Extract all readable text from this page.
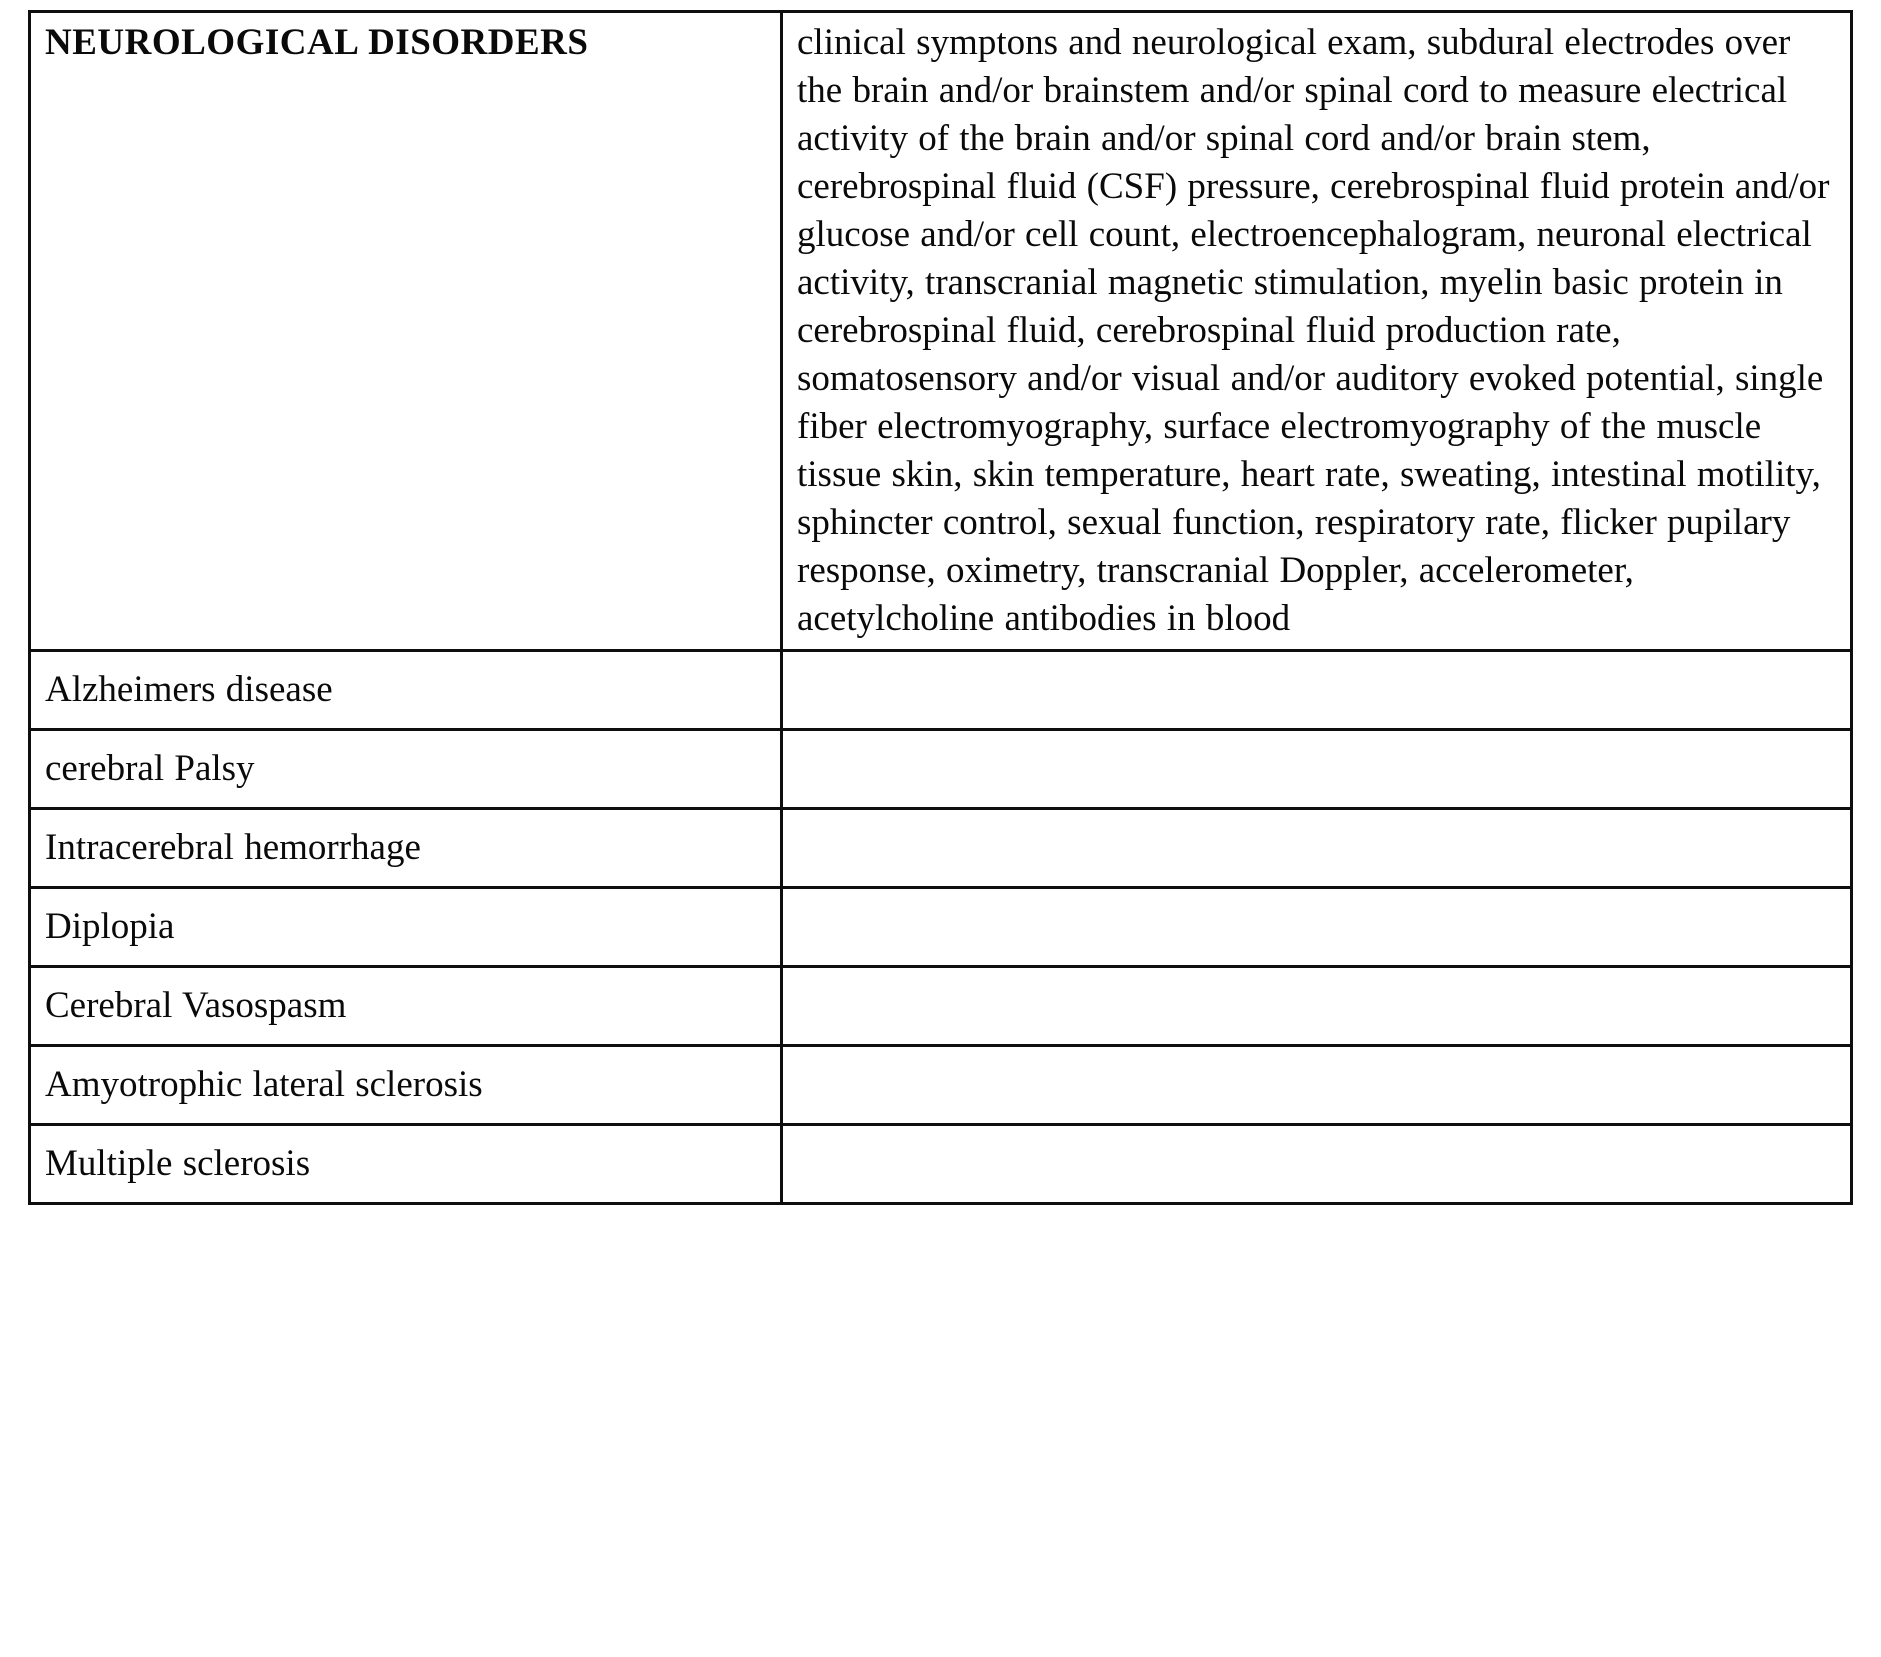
NEUROLOGICAL DISORDERS	clinical symptons and neurological exam, subdural electrodes over the brain and/or brainstem and/or spinal cord to measure electrical activity of the brain and/or spinal cord and/or brain stem, cerebrospinal fluid (CSF) pressure, cerebrospinal fluid protein and/or glucose and/or cell count, electroencephalogram, neuronal electrical activity, transcranial magnetic stimulation, myelin basic protein in cerebrospinal fluid, cerebrospinal fluid production rate, somatosensory and/or visual and/or auditory evoked potential, single fiber electromyography, surface electromyography of the muscle tissue skin, skin temperature, heart rate, sweating, intestinal motility, sphincter control, sexual function, respiratory rate, flicker pupilary response, oximetry, transcranial Doppler, accelerometer, acetylcholine antibodies in blood
Alzheimers disease	
cerebral Palsy	
Intracerebral hemorrhage	
Diplopia	
Cerebral Vasospasm	
Amyotrophic lateral sclerosis	
Multiple sclerosis	
